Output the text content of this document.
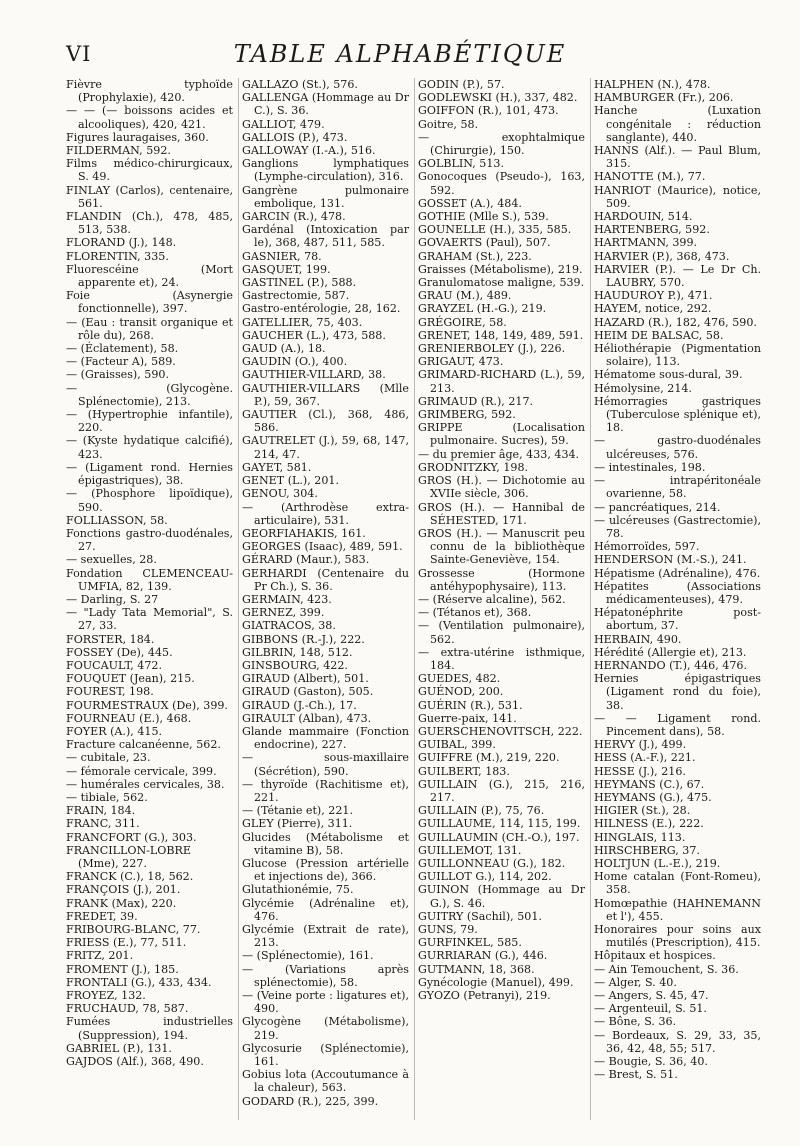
VI	TABLE ALPHABÉTIQUE
Fièvre typhoïde (Prophylaxie), 420.
— — (— boissons acides et alcooliques), 420, 421.
Figures lauragaises, 360.
FILDERMAN, 592.
Films médico-chirurgicaux, S. 49.
FINLAY (Carlos), centenaire, 561.
FLANDIN (Ch.), 478, 485, 513, 538.
FLORAND (J.), 148.
FLORENTIN, 335.
Fluorescéine (Mort apparente et), 24.
Foie (Asynergie fonctionnelle), 397.
— (Eau : transit organique et rôle du), 268.
— (Éclatement), 58.
— (Facteur A), 589.
— (Graisses), 590.
— (Glycogène. Splénectomie), 213.
— (Hypertrophie infantile), 220.
— (Kyste hydatique calcifié), 423.
— (Ligament rond. Hernies épigastriques), 38.
— (Phosphore lipoïdique), 590.
FOLLIASSON, 58.
Fonctions gastro-duodénales, 27.
— sexuelles, 28.
Fondation CLEMENCEAU-UMFIA, 82, 139.
— Darling, S. 27
— "Lady Tata Memorial", S. 27, 33.
FORSTER, 184.
FOSSEY (De), 445.
FOUCAULT, 472.
FOUQUET (Jean), 215.
FOUREST, 198.
FOURMESTRAUX (De), 399.
FOURNEAU (E.), 468.
FOYER (A.), 415.
Fracture calcanéenne, 562.
— cubitale, 23.
— fémorale cervicale, 399.
— humérales cervicales, 38.
— tibiale, 562.
FRAIN, 184.
FRANC, 311.
FRANCFORT (G.), 303.
FRANCILLON-LOBRE (Mme), 227.
FRANCK (C.), 18, 562.
FRANÇOIS (J.), 201.
FRANK (Max), 220.
FREDET, 39.
FRIBOURG-BLANC, 77.
FRIESS (E.), 77, 511.
FRITZ, 201.
FROMENT (J.), 185.
FRONTALI (G.), 433, 434.
FROYEZ, 132.
FRUCHAUD, 78, 587.
Fumées industrielles (Suppression), 194.
GABRIEL (P.), 131.
GAJDOS (Alf.), 368, 490.
GALLAZO (St.), 576.
GALLENGA (Hommage au Dr C.), S. 36.
GALLIOT, 479.
GALLOIS (P.), 473.
GALLOWAY (I.-A.), 516.
Ganglions lymphatiques (Lymphe-circulation), 316.
Gangrène pulmonaire embolique, 131.
GARCIN (R.), 478.
Gardénal (Intoxication par le), 368, 487, 511, 585.
GASNIER, 78.
GASQUET, 199.
GASTINEL (P.), 588.
Gastrectomie, 587.
Gastro-entérologie, 28, 162.
GATELLIER, 75, 403.
GAUCHER (L.), 473, 588.
GAUD (A.), 18.
GAUDIN (O.), 400.
GAUTHIER-VILLARD, 38.
GAUTHIER-VILLARS (Mlle P.), 59, 367.
GAUTIER (Cl.), 368, 486, 586.
GAUTRELET (J.), 59, 68, 147, 214, 47.
GAYET, 581.
GENET (L.), 201.
GENOU, 304.
— (Arthrodèse extra-articulaire), 531.
GEORFIAHAKIS, 161.
GEORGES (Isaac), 489, 591.
GÉRARD (Maur.), 583.
GERHARDI (Centenaire du Pr Ch.), S. 36.
GERMAIN, 423.
GERNEZ, 399.
GIATRACOS, 38.
GIBBONS (R.-J.), 222.
GILBRIN, 148, 512.
GINSBOURG, 422.
GIRAUD (Albert), 501.
GIRAUD (Gaston), 505.
GIRAUD (J.-Ch.), 17.
GIRAULT (Alban), 473.
Glande mammaire (Fonction endocrine), 227.
— sous-maxillaire (Sécrétion), 590.
— thyroïde (Rachitisme et), 221.
— (Tétanie et), 221.
GLEY (Pierre), 311.
Glucides (Métabolisme et vitamine B), 58.
Glucose (Pression artérielle et injections de), 366.
Glutathionémie, 75.
Glycémie (Adrénaline et), 476.
Glycémie (Extrait de rate), 213.
— (Splénectomie), 161.
— (Variations après splénectomie), 58.
— (Veine porte : ligatures et), 490.
Glycogène (Métabolisme), 219.
Glycosurie (Splénectomie), 161.
Gobius lota (Accoutumance à la chaleur), 563.
GODARD (R.), 225, 399.
GODIN (P.), 57.
GODLEWSKI (H.), 337, 482.
GOIFFON (R.), 101, 473.
Goitre, 58.
— exophtalmique (Chirurgie), 150.
GOLBLIN, 513.
Gonocoques (Pseudo-), 163, 592.
GOSSET (A.), 484.
GOTHIE (Mlle S.), 539.
GOUNELLE (H.), 335, 585.
GOVAERTS (Paul), 507.
GRAHAM (St.), 223.
Graisses (Métabolisme), 219.
Granulomatose maligne, 539.
GRAU (M.), 489.
GRAYZEL (H.-G.), 219.
GRÉGOIRE, 58.
GRENET, 148, 149, 489, 591.
GRENIERBOLEY (J.), 226.
GRIGAUT, 473.
GRIMARD-RICHARD (L.), 59, 213.
GRIMAUD (R.), 217.
GRIMBERG, 592.
GRIPPE (Localisation pulmonaire. Sucres), 59.
— du premier âge, 433, 434.
GRODNITZKY, 198.
GROS (H.). — Dichotomie au XVIIe siècle, 306.
GROS (H.). — Hannibal de SÉHESTED, 171.
GROS (H.). — Manuscrit peu connu de la bibliothèque Sainte-Geneviève, 154.
Grossesse (Hormone antéhypophysaire), 113.
— (Réserve alcaline), 562.
— (Tétanos et), 368.
— (Ventilation pulmonaire), 562.
— extra-utérine isthmique, 184.
GUEDES, 482.
GUÉNOD, 200.
GUÉRIN (R.), 531.
Guerre-paix, 141.
GUERSCHENOVITSCH, 222.
GUIBAL, 399.
GUIFFRE (M.), 219, 220.
GUILBERT, 183.
GUILLAIN (G.), 215, 216, 217.
GUILLAIN (P.), 75, 76.
GUILLAUME, 114, 115, 199.
GUILLAUMIN (CH.-O.), 197.
GUILLEMOT, 131.
GUILLONNEAU (G.), 182.
GUILLOT G.), 114, 202.
GUINON (Hommage au Dr G.), S. 46.
GUITRY (Sachil), 501.
GUNS, 79.
GURFINKEL, 585.
GURRIARAN (G.), 446.
GUTMANN, 18, 368.
Gynécologie (Manuel), 499.
GYOZO (Petranyi), 219.
HALPHEN (N.), 478.
HAMBURGER (Fr.), 206.
Hanche (Luxation congénitale : réduction sanglante), 440.
HANNS (Alf.). — Paul Blum, 315.
HANOTTE (M.), 77.
HANRIOT (Maurice), notice, 509.
HARDOUIN, 514.
HARTENBERG, 592.
HARTMANN, 399.
HARVIER (P.), 368, 473.
HARVIER (P.). — Le Dr Ch. LAUBRY, 570.
HAUDUROY P.), 471.
HAYEM, notice, 292.
HAZARD (R.), 182, 476, 590.
HEIM DE BALSAC, 58.
Héliothérapie (Pigmentation solaire), 113.
Hématome sous-dural, 39.
Hémolysine, 214.
Hémorragies gastriques (Tuberculose splénique et), 18.
— gastro-duodénales ulcéreuses, 576.
— intestinales, 198.
— intrapéritonéale ovarienne, 58.
— pancréatiques, 214.
— ulcéreuses (Gastrectomie), 78.
Hémorroïdes, 597.
HENDERSON (M.-S.), 241.
Hépatisme (Adrénaline), 476.
Hépatites (Associations médicamenteuses), 479.
Hépatonéphrite post-abortum, 37.
HERBAIN, 490.
Hérédité (Allergie et), 213.
HERNANDO (T.), 446, 476.
Hernies épigastriques (Ligament rond du foie), 38.
— — Ligament rond. Pincement dans), 58.
HERVY (J.), 499.
HESS (A.-F.), 221.
HESSE (J.), 216.
HEYMANS (C.), 67.
HEYMANS (G.), 475.
HIGIER (St.), 28.
HILNESS (E.), 222.
HINGLAIS, 113.
HIRSCHBERG, 37.
HOLTJUN (L.-E.), 219.
Home catalan (Font-Romeu), 358.
Homœpathie (HAHNEMANN et l'), 455.
Honoraires pour soins aux mutilés (Prescription), 415.
Hôpitaux et hospices.
— Ain Temouchent, S. 36.
— Alger, S. 40.
— Angers, S. 45, 47.
— Argenteuil, S. 51.
— Bône, S. 36.
— Bordeaux, S. 29, 33, 35, 36, 42, 48, 55; 517.
— Bougie, S. 36, 40.
— Brest, S. 51.
